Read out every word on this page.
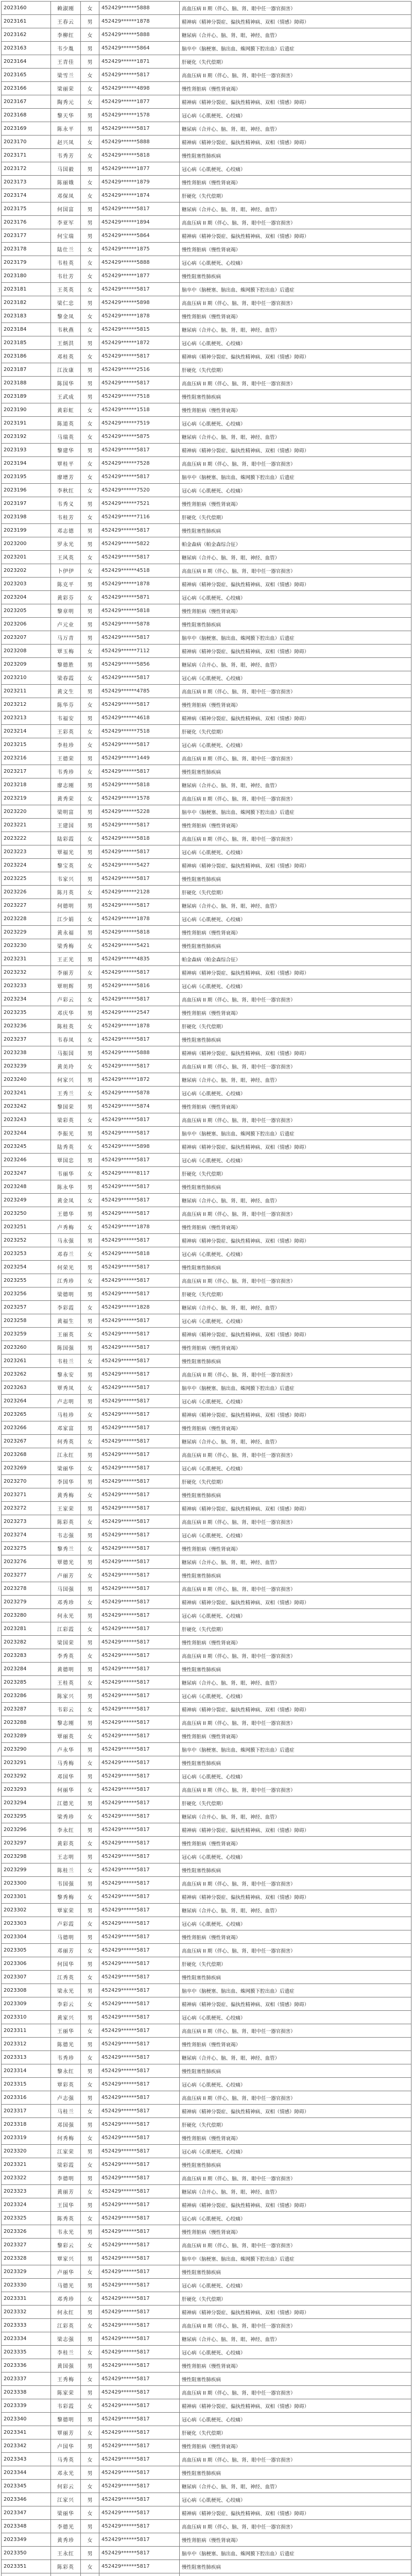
2023160	赖淑刚	女	452429******5888	高血压病 II 期（伴心、脑、肾、眼中任一器官损害）
2023161	王春云	男	452429******1878	精神病（精神分裂症、偏执性精神病、双相（情感）障碍）
2023162	李柳红	女	452429******5888	糖尿病（合并心、脑、肾、眼、神经、血管）
2023163	韦少胤	男	452429******5864	脑卒中（脑梗塞、脑出血、蛛网膜下腔出血）后遗症
2023164	王青佳	男	452429******1871	肝硬化（失代偿期）
2023165	梁雪兰	女	452429******5817	高血压病 II 期（伴心、脑、肾、眼中任一器官损害）
2023166	梁丽荣	女	452429******4898	慢性肾脏病（慢性肾衰竭）
2023167	陶秀元	女	452429******1877	精神病（精神分裂症、偏执性精神病、双相（情感）障碍）
2023168	黎天华	男	452429******1578	冠心病（心肌梗死、心绞痛）
2023169	陈永平	男	452429******5817	糖尿病（合并心、脑、肾、眼、神经、血管）
2023170	赵兴凤	女	452429******5888	精神病（精神分裂症、偏执性精神病、双相（情感）障碍）
2023171	韦秀芳	女	452429******5818	慢性阻塞性肺疾病
2023172	马国毅	男	452429******1877	冠心病（心肌梗死、心绞痛）
2023173	陈丽娥	女	452429******1879	慢性肾脏病（慢性肾衰竭）
2023174	邓保凤	女	452429******1874	肝硬化（失代偿期）
2023175	何国富	男	452429******5817	糖尿病（合并心、脑、肾、眼、神经、血管）
2023176	李亚军	男	452429******1894	高血压病 II 期（伴心、脑、肾、眼中任一器官损害）
2023177	何宝瑞	男	452429******5864	精神病（精神分裂症、偏执性精神病、双相（情感）障碍）
2023178	陆仕兰	女	452429******1875	慢性肾脏病（慢性肾衰竭）
2023179	韦桂英	女	452429******5888	冠心病（心肌梗死、心绞痛）
2023180	韦壮芳	女	452429******1877	慢性阻塞性肺疾病
2023181	王英英	女	452429******5817	脑卒中（脑梗塞、脑出血、蛛网膜下腔出血）后遗症
2023182	梁仁忠	男	452429******5898	高血压病 II 期（伴心、脑、肾、眼中任一器官损害）
2023183	黎金凤	女	452429******1878	慢性肾脏病（慢性肾衰竭）
2023184	韦秋燕	女	452429******5815	糖尿病（合并心、脑、肾、眼、神经、血管）
2023185	王炳洪	男	452429******1872	冠心病（心肌梗死、心绞痛）
2023186	邓桂英	女	452429******5817	精神病（精神分裂症、偏执性精神病、双相（情感）障碍）
2023187	江汝康	男	452429******2516	肝硬化（失代偿期）
2023188	陈国华	男	452429******5817	高血压病 II 期（伴心、脑、肾、眼中任一器官损害）
2023189	王武成	男	452429******7518	慢性阻塞性肺疾病
2023190	黄彩虹	女	452429******1518	慢性肾脏病（慢性肾衰竭）
2023191	陈道英	女	452429******7519	冠心病（心肌梗死、心绞痛）
2023192	马瑞英	女	452429******5875	糖尿病（合并心、脑、肾、眼、神经、血管）
2023193	黎建华	男	452429******5817	精神病（精神分裂症、偏执性精神病、双相（情感）障碍）
2023194	覃桂平	女	452429******7528	高血压病 II 期（伴心、脑、肾、眼中任一器官损害）
2023195	廖增芳	女	452429******5817	脑卒中（脑梗塞、脑出血、蛛网膜下腔出血）后遗症
2023196	李秋红	女	452429******7520	冠心病（心肌梗死、心绞痛）
2023197	韦秀义	男	452429******7521	慢性肾脏病（慢性肾衰竭）
2023198	韦桂芳	女	452429******7116	肝硬化（失代偿期）
2023199	邓志德	男	452429******5817	慢性阻塞性肺疾病
2023200	罗永光	男	452429******5822	帕金森病（帕金森综合征）
2023201	王风英	女	452429******5817	糖尿病（合并心、脑、肾、眼、神经、血管）
2023202	卜伊伊	女	452429******4518	高血压病 II 期（伴心、脑、肾、眼中任一器官损害）
2023203	陈克平	男	452429******1878	精神病（精神分裂症、偏执性精神病、双相（情感）障碍）
2023204	黄彩芬	女	452429******5871	冠心病（心肌梗死、心绞痛）
2023205	黎章明	男	452429******5818	慢性肾脏病（慢性肾衰竭）
2023206	卢元业	男	452429******5878	慢性阻塞性肺疾病
2023207	马万青	男	452429******5817	脑卒中（脑梗塞、脑出血、蛛网膜下腔出血）后遗症
2023208	覃玉梅	女	452429******7112	精神病（精神分裂症、偏执性精神病、双相（情感）障碍）
2023209	黎德胜	男	452429******5856	糖尿病（合并心、脑、肾、眼、神经、血管）
2023210	梁春霞	女	452429******5817	冠心病（心肌梗死、心绞痛）
2023211	黄文生	男	452429******4785	高血压病 II 期（伴心、脑、肾、眼中任一器官损害）
2023212	陈华芬	女	452429******5817	慢性肾脏病（慢性肾衰竭）
2023213	韦福安	男	452429******4618	精神病（精神分裂症、偏执性精神病、双相（情感）障碍）
2023214	王彩英	女	452429******7518	肝硬化（失代偿期）
2023215	李桂珍	女	452429******5817	冠心病（心肌梗死、心绞痛）
2023216	王德荣	男	452429******1449	高血压病 II 期（伴心、脑、肾、眼中任一器官损害）
2023217	韦秀珍	女	452429******5817	慢性阻塞性肺疾病
2023218	廖志刚	男	452429******5818	糖尿病（合并心、脑、肾、眼、神经、血管）
2023219	黄秀荣	女	452429******1578	高血压病 II 期（伴心、脑、肾、眼中任一器官损害）
2023220	梁明富	男	452429******5228	脑卒中（脑梗塞、脑出血、蛛网膜下腔出血）后遗症
2023221	王建国	男	452429******5817	慢性肾脏病（慢性肾衰竭）
2023222	陆彩霞	女	452429******5818	高血压病 II 期（伴心、脑、肾、眼中任一器官损害）
2023223	覃福光	男	452429******5817	冠心病（心肌梗死、心绞痛）
2023224	黎宝英	女	452429******5427	精神病（精神分裂症、偏执性精神病、双相（情感）障碍）
2023225	韦家兴	男	452429******5817	慢性阻塞性肺疾病
2023226	陈月英	女	452429******2128	肝硬化（失代偿期）
2023227	何德明	男	452429******5817	糖尿病（合并心、脑、肾、眼、神经、血管）
2023228	江少娟	女	452429******1878	冠心病（心肌梗死、心绞痛）
2023229	黄永福	男	452429******5818	慢性肾脏病（慢性肾衰竭）
2023230	梁秀梅	女	452429******5421	慢性阻塞性肺疾病
2023231	王正光	男	452429******4835	帕金森病（帕金森综合征）
2023232	李丽芳	女	452429******5817	精神病（精神分裂症、偏执性精神病、双相（情感）障碍）
2023233	覃明辉	男	452429******5816	冠心病（心肌梗死、心绞痛）
2023234	卢彩云	女	452429******5817	高血压病 II 期（伴心、脑、肾、眼中任一器官损害）
2023235	邓庆华	男	452429******2547	慢性肾脏病（慢性肾衰竭）
2023236	陈桂英	女	452429******1878	肝硬化（失代偿期）
2023237	韦春凤	女	452429******5817	慢性阻塞性肺疾病
2023238	马振国	男	452429******5888	精神病（精神分裂症、偏执性精神病、双相（情感）障碍）
2023239	黄美玲	女	452429******5817	高血压病 II 期（伴心、脑、肾、眼中任一器官损害）
2023240	何家兴	男	452429******1872	糖尿病（合并心、脑、肾、眼、神经、血管）
2023241	王秀兰	女	452429******5878	冠心病（心肌梗死、心绞痛）
2023242	黎国荣	男	452429******5874	慢性肾脏病（慢性肾衰竭）
2023243	梁彩英	女	452429******5817	高血压病 II 期（伴心、脑、肾、眼中任一器官损害）
2023244	李振光	男	452429******5817	脑卒中（脑梗塞、脑出血、蛛网膜下腔出血）后遗症
2023245	陆秀英	女	452429******5898	精神病（精神分裂症、偏执性精神病、双相（情感）障碍）
2023246	覃国忠	男	452429******5817	冠心病（心肌梗死、心绞痛）
2023247	韦丽华	女	452429******8117	肝硬化（失代偿期）
2023248	陈永华	男	452429******5817	慢性阻塞性肺疾病
2023249	黄金凤	女	452429******5817	糖尿病（合并心、脑、肾、眼、神经、血管）
2023250	王德华	男	452429******5817	高血压病 II 期（伴心、脑、肾、眼中任一器官损害）
2023251	卢秀梅	女	452429******1878	慢性肾脏病（慢性肾衰竭）
2023252	马永强	男	452429******5817	精神病（精神分裂症、偏执性精神病、双相（情感）障碍）
2023253	邓春兰	女	452429******5818	冠心病（心肌梗死、心绞痛）
2023254	何荣光	男	452429******5817	慢性阻塞性肺疾病
2023255	江秀珍	女	452429******5817	高血压病 II 期（伴心、脑、肾、眼中任一器官损害）
2023256	梁德明	男	452429******5817	肝硬化（失代偿期）
2023257	李彩霞	女	452429******1828	糖尿病（合并心、脑、肾、眼、神经、血管）
2023258	黄福生	男	452429******5817	冠心病（心肌梗死、心绞痛）
2023259	王丽英	女	452429******5817	精神病（精神分裂症、偏执性精神病、双相（情感）障碍）
2023260	陈国强	男	452429******5817	慢性肾脏病（慢性肾衰竭）
2023261	韦桂兰	女	452429******5817	慢性阻塞性肺疾病
2023262	黎永安	男	452429******5817	高血压病 II 期（伴心、脑、肾、眼中任一器官损害）
2023263	覃秀凤	女	452429******5817	脑卒中（脑梗塞、脑出血、蛛网膜下腔出血）后遗症
2023264	卢志明	男	452429******5817	冠心病（心肌梗死、心绞痛）
2023265	马桂珍	女	452429******5817	精神病（精神分裂症、偏执性精神病、双相（情感）障碍）
2023266	邓家富	男	452429******5817	慢性肾脏病（慢性肾衰竭）
2023267	何秀英	女	452429******5817	糖尿病（合并心、脑、肾、眼、神经、血管）
2023268	江永红	男	452429******5817	高血压病 II 期（伴心、脑、肾、眼中任一器官损害）
2023269	梁丽华	女	452429******5817	冠心病（心肌梗死、心绞痛）
2023270	李国华	男	452429******5817	肝硬化（失代偿期）
2023271	黄秀梅	女	452429******5817	慢性阻塞性肺疾病
2023272	王家荣	男	452429******5817	精神病（精神分裂症、偏执性精神病、双相（情感）障碍）
2023273	陈彩英	女	452429******5817	高血压病 II 期（伴心、脑、肾、眼中任一器官损害）
2023274	韦志强	男	452429******5817	冠心病（心肌梗死、心绞痛）
2023275	黎秀兰	女	452429******5817	慢性肾脏病（慢性肾衰竭）
2023276	覃德光	男	452429******5817	糖尿病（合并心、脑、肾、眼、神经、血管）
2023277	卢丽芳	女	452429******5817	慢性阻塞性肺疾病
2023278	马国强	男	452429******5817	高血压病 II 期（伴心、脑、肾、眼中任一器官损害）
2023279	邓秀珍	女	452429******5817	精神病（精神分裂症、偏执性精神病、双相（情感）障碍）
2023280	何永光	男	452429******5817	冠心病（心肌梗死、心绞痛）
2023281	江彩霞	女	452429******5817	肝硬化（失代偿期）
2023282	梁国荣	男	452429******5817	慢性肾脏病（慢性肾衰竭）
2023283	李秀英	女	452429******5817	高血压病 II 期（伴心、脑、肾、眼中任一器官损害）
2023284	黄德明	男	452429******5817	慢性阻塞性肺疾病
2023285	王桂英	女	452429******5817	糖尿病（合并心、脑、肾、眼、神经、血管）
2023286	陈家兴	男	452429******5817	冠心病（心肌梗死、心绞痛）
2023287	韦彩云	女	452429******5817	精神病（精神分裂症、偏执性精神病、双相（情感）障碍）
2023288	黎志刚	男	452429******5817	高血压病 II 期（伴心、脑、肾、眼中任一器官损害）
2023289	覃丽英	女	452429******5817	慢性肾脏病（慢性肾衰竭）
2023290	卢永华	男	452429******5817	脑卒中（脑梗塞、脑出血、蛛网膜下腔出血）后遗症
2023291	马秀梅	女	452429******5817	慢性阻塞性肺疾病
2023292	邓国华	男	452429******5817	冠心病（心肌梗死、心绞痛）
2023293	何丽华	女	452429******5817	高血压病 II 期（伴心、脑、肾、眼中任一器官损害）
2023294	江德光	男	452429******5817	肝硬化（失代偿期）
2023295	梁秀珍	女	452429******5817	糖尿病（合并心、脑、肾、眼、神经、血管）
2023296	李永红	男	452429******5817	精神病（精神分裂症、偏执性精神病、双相（情感）障碍）
2023297	黄彩英	女	452429******5817	慢性肾脏病（慢性肾衰竭）
2023298	王志明	男	452429******5817	冠心病（心肌梗死、心绞痛）
2023299	陈桂兰	女	452429******5817	慢性阻塞性肺疾病
2023300	韦国强	男	452429******5817	高血压病 II 期（伴心、脑、肾、眼中任一器官损害）
2023301	黎秀梅	女	452429******5817	精神病（精神分裂症、偏执性精神病、双相（情感）障碍）
2023302	覃家荣	男	452429******5817	糖尿病（合并心、脑、肾、眼、神经、血管）
2023303	卢彩霞	女	452429******5817	冠心病（心肌梗死、心绞痛）
2023304	马德明	男	452429******5817	慢性肾脏病（慢性肾衰竭）
2023305	邓丽芳	女	452429******5817	高血压病 II 期（伴心、脑、肾、眼中任一器官损害）
2023306	何国华	男	452429******5817	肝硬化（失代偿期）
2023307	江秀英	女	452429******5817	慢性阻塞性肺疾病
2023308	梁永光	男	452429******5817	脑卒中（脑梗塞、脑出血、蛛网膜下腔出血）后遗症
2023309	李彩云	女	452429******5817	精神病（精神分裂症、偏执性精神病、双相（情感）障碍）
2023310	黄家兴	男	452429******5817	冠心病（心肌梗死、心绞痛）
2023311	王丽华	女	452429******5817	高血压病 II 期（伴心、脑、肾、眼中任一器官损害）
2023312	陈德光	男	452429******5817	慢性肾脏病（慢性肾衰竭）
2023313	韦秀珍	女	452429******5817	糖尿病（合并心、脑、肾、眼、神经、血管）
2023314	黎永红	男	452429******5817	慢性阻塞性肺疾病
2023315	覃彩英	女	452429******5817	冠心病（心肌梗死、心绞痛）
2023316	卢志强	男	452429******5817	高血压病 II 期（伴心、脑、肾、眼中任一器官损害）
2023317	马桂兰	女	452429******5817	精神病（精神分裂症、偏执性精神病、双相（情感）障碍）
2023318	邓国强	男	452429******5817	肝硬化（失代偿期）
2023319	何秀梅	女	452429******5817	慢性肾脏病（慢性肾衰竭）
2023320	江家荣	男	452429******5817	冠心病（心肌梗死、心绞痛）
2023321	梁彩霞	女	452429******5817	慢性阻塞性肺疾病
2023322	李德明	男	452429******5817	高血压病 II 期（伴心、脑、肾、眼中任一器官损害）
2023323	黄丽芳	女	452429******5817	糖尿病（合并心、脑、肾、眼、神经、血管）
2023324	王国华	男	452429******5817	精神病（精神分裂症、偏执性精神病、双相（情感）障碍）
2023325	陈秀英	女	452429******5817	冠心病（心肌梗死、心绞痛）
2023326	韦永光	男	452429******5817	慢性肾脏病（慢性肾衰竭）
2023327	黎彩云	女	452429******5817	高血压病 II 期（伴心、脑、肾、眼中任一器官损害）
2023328	覃家兴	男	452429******5817	脑卒中（脑梗塞、脑出血、蛛网膜下腔出血）后遗症
2023329	卢丽华	女	452429******5817	慢性阻塞性肺疾病
2023330	马德光	男	452429******5817	冠心病（心肌梗死、心绞痛）
2023331	邓秀珍	女	452429******5817	肝硬化（失代偿期）
2023332	何永红	男	452429******5817	精神病（精神分裂症、偏执性精神病、双相（情感）障碍）
2023333	江彩英	女	452429******5817	高血压病 II 期（伴心、脑、肾、眼中任一器官损害）
2023334	梁志强	男	452429******5817	糖尿病（合并心、脑、肾、眼、神经、血管）
2023335	李桂兰	女	452429******5817	冠心病（心肌梗死、心绞痛）
2023336	黄国强	男	452429******5817	慢性肾脏病（慢性肾衰竭）
2023337	王秀梅	女	452429******5817	慢性阻塞性肺疾病
2023338	陈家荣	男	452429******5817	高血压病 II 期（伴心、脑、肾、眼中任一器官损害）
2023339	韦彩霞	女	452429******5817	精神病（精神分裂症、偏执性精神病、双相（情感）障碍）
2023340	黎德明	男	452429******5817	冠心病（心肌梗死、心绞痛）
2023341	覃丽芳	女	452429******5817	肝硬化（失代偿期）
2023342	卢国华	男	452429******5817	慢性肾脏病（慢性肾衰竭）
2023343	马秀英	女	452429******5817	高血压病 II 期（伴心、脑、肾、眼中任一器官损害）
2023344	邓永光	男	452429******5817	慢性阻塞性肺疾病
2023345	何彩云	女	452429******5817	糖尿病（合并心、脑、肾、眼、神经、血管）
2023346	江家兴	男	452429******5817	冠心病（心肌梗死、心绞痛）
2023347	梁丽华	女	452429******5817	精神病（精神分裂症、偏执性精神病、双相（情感）障碍）
2023348	李德光	男	452429******5817	高血压病 II 期（伴心、脑、肾、眼中任一器官损害）
2023349	黄秀珍	女	452429******5817	慢性肾脏病（慢性肾衰竭）
2023350	王永红	男	452429******5817	脑卒中（脑梗塞、脑出血、蛛网膜下腔出血）后遗症
2023351	陈彩英	女	452429******5817	慢性阻塞性肺疾病
